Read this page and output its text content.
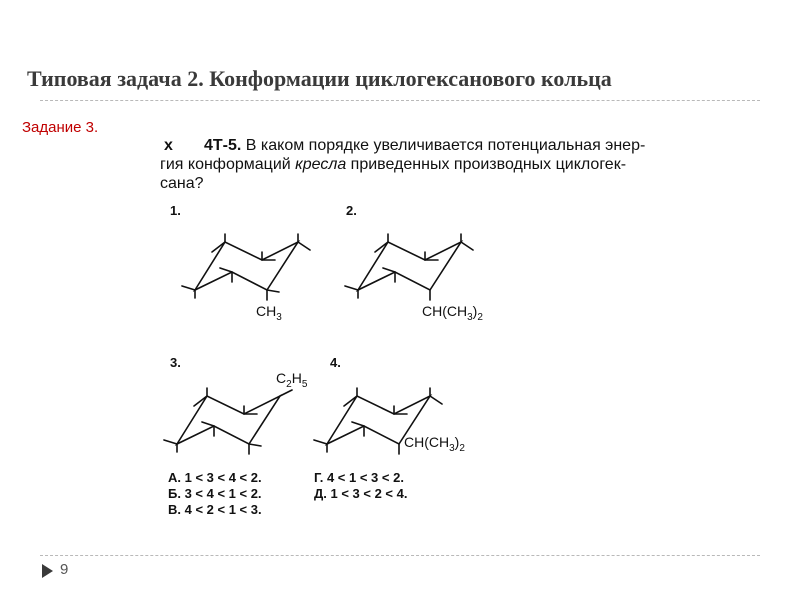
Типовая задача 2. Конформации циклогексанового кольца
Задание 3.
x 4Т-5. В каком порядке увеличивается потенциальная энер-
гия конформаций кресла приведенных производных циклогек-
сана?
1.	2.
3.	4.
$CH_3$	$CH(CH_3)_2$
$C_2H_5$
$CH(CH_3)_2$
А. 1 < 3 < 4 < 2.
Б. 3 < 4 < 1 < 2.
В. 4 < 2 < 1 < 3.
Г. 4 < 1 < 3 < 2.
Д. 1 < 3 < 2 < 4.
9
